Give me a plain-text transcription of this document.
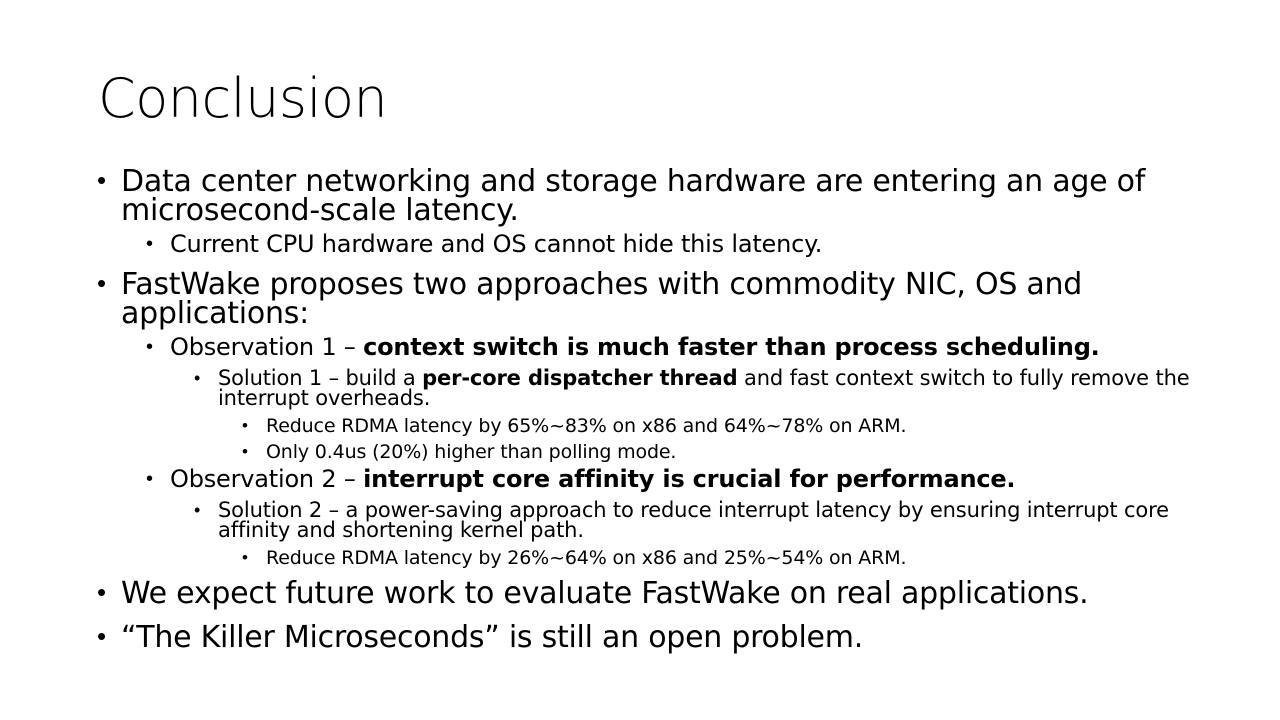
Conclusion
• Data center networking and storage hardware are entering an age of microsecond-scale latency.
• Current CPU hardware and OS cannot hide this latency.
• FastWake proposes two approaches with commodity NIC, OS and applications:
• Observation 1 – context switch is much faster than process scheduling.
• Solution 1 – build a per-core dispatcher thread and fast context switch to fully remove the interrupt overheads.
• Reduce RDMA latency by 65%~83% on x86 and 64%~78% on ARM.
• Only 0.4us (20%) higher than polling mode.
• Observation 2 – interrupt core affinity is crucial for performance.
• Solution 2 – a power-saving approach to reduce interrupt latency by ensuring interrupt core affinity and shortening kernel path.
• Reduce RDMA latency by 26%~64% on x86 and 25%~54% on ARM.
• We expect future work to evaluate FastWake on real applications.
• “The Killer Microseconds” is still an open problem.
